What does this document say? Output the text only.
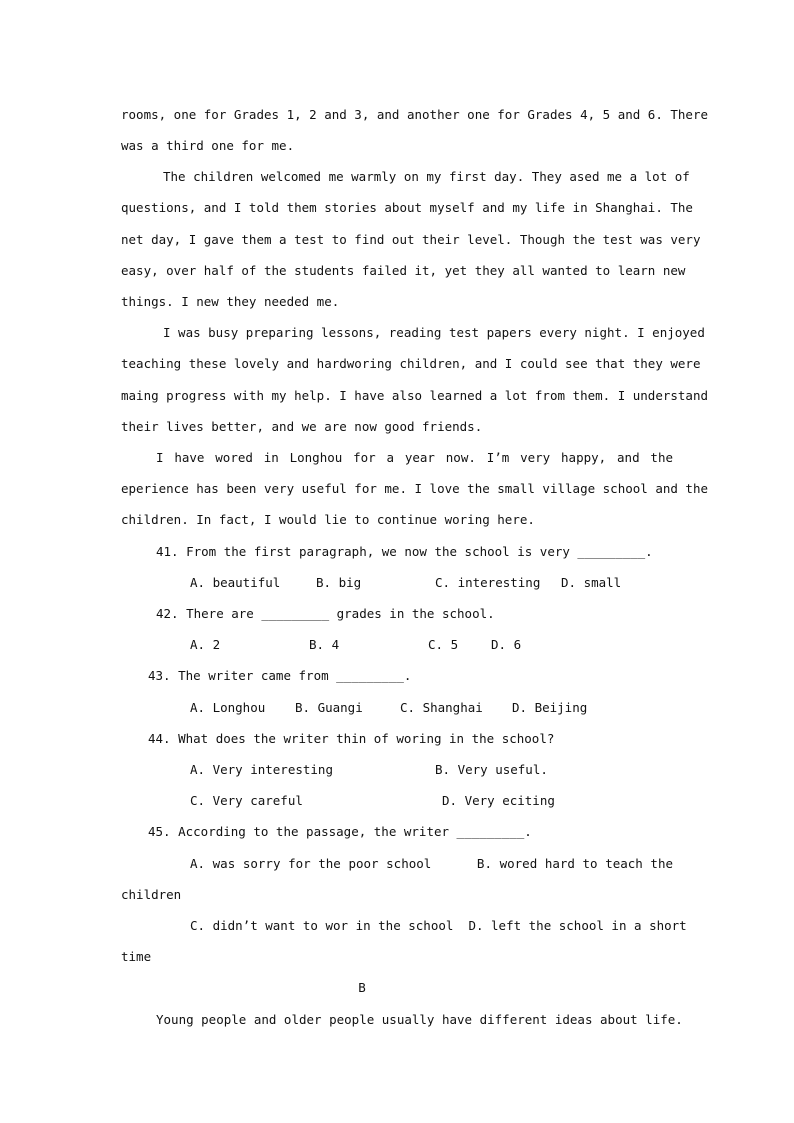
rooms, one for Grades 1, 2 and 3, and another one for Grades 4, 5 and 6. There
was a third one for me.
The children welcomed me warmly on my first day. They ased me a lot of
questions, and I told them stories about myself and my life in Shanghai. The
net day, I gave them a test to find out their level. Though the test was very
easy, over half of the students failed it, yet they all wanted to learn new
things. I new they needed me.
I was busy preparing lessons, reading test papers every night. I enjoyed
teaching these lovely and hardworing children, and I could see that they were
maing progress with my help. I have also learned a lot from them. I understand
their lives better, and we are now good friends.
I have wored in Longhou for a year now. I’m very happy, and the
eperience has been very useful for me. I love the small village school and the
children. In fact, I would lie to continue woring here.
41. From the first paragraph, we now the school is very _________.
A. beautiful	B. big	C. interesting D. small
42. There are _________ grades in the school.
A. 2	B. 4	C. 5	D. 6
43. The writer came from _________.
A. Longhou B. Guangi	C. Shanghai D. Beijing
44. What does the writer thin of woring in the school?
A. Very interesting	B. Very useful.
C. Very careful	D. Very eciting
45. According to the passage, the writer _________.
A. was sorry for the poor school      B. wored hard to teach the
children
C. didn’t want to wor in the school  D. left the school in a short
time
B
Young people and older people usually have different ideas about life.
